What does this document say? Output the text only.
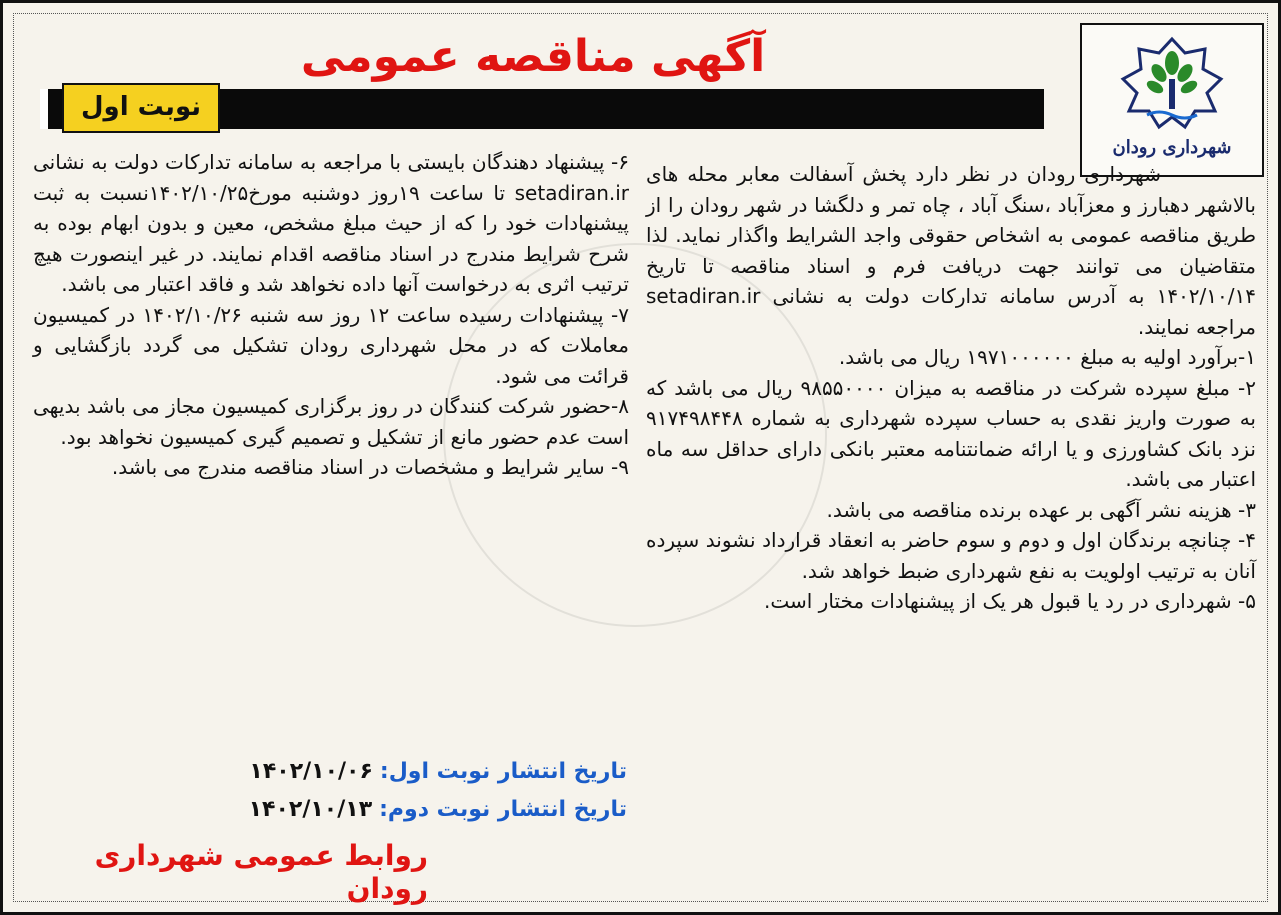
شهرداری رودان
آگهی مناقصه عمومی
نوبت اول

شهرداری رودان در نظر دارد پخش آسفالت معابر محله های بالاشهر دهبارز و معزآباد ،سنگ آباد ، چاه تمر و دلگشا در شهر رودان را از طریق مناقصه عمومی به اشخاص حقوقی واجد الشرایط واگذار نماید. لذا متقاضیان می توانند جهت دریافت فرم و اسناد مناقصه تا تاریخ ۱۴۰۲/۱۰/۱۴ به آدرس سامانه تدارکات دولت به نشانی setadiran.ir مراجعه نمایند.

۱-برآورد اولیه به مبلغ ۱۹۷۱۰۰۰۰۰۰ ریال می باشد.

۲- مبلغ سپرده شرکت در مناقصه به میزان ۹۸۵۵۰۰۰۰ ریال می باشد که به صورت واریز نقدی به حساب سپرده شهرداری به شماره ۹۱۷۴۹۸۴۴۸ نزد بانک کشاورزی و یا ارائه ضمانتنامه معتبر بانکی دارای حداقل سه ماه اعتبار می باشد.

۳- هزینه نشر آگهی بر عهده برنده مناقصه می باشد.

۴- چنانچه برندگان اول و دوم و سوم حاضر به انعقاد قرارداد نشوند سپرده آنان به ترتیب اولویت به نفع شهرداری ضبط خواهد شد.

۵- شهرداری در رد یا قبول هر یک از پیشنهادات مختار است.

۶- پیشنهاد دهندگان بایستی با مراجعه به سامانه تدارکات دولت به نشانی setadiran.ir تا ساعت ۱۹روز دوشنبه مورخ۱۴۰۲/۱۰/۲۵نسبت به ثبت پیشنهادات خود را که از حیث مبلغ مشخص، معین و بدون ابهام بوده به شرح شرایط مندرج در اسناد مناقصه اقدام نمایند. در غیر اینصورت هیچ ترتیب اثری به درخواست آنها داده نخواهد شد و فاقد اعتبار می باشد.

۷- پیشنهادات رسیده ساعت ۱۲ روز سه شنبه ۱۴۰۲/۱۰/۲۶ در کمیسیون معاملات که در محل شهرداری رودان تشکیل می گردد بازگشایی و قرائت می شود.

۸-حضور شرکت کنندگان در روز برگزاری کمیسیون مجاز می باشد بدیهی است عدم حضور مانع از تشکیل و تصمیم گیری کمیسیون نخواهد بود.

۹- سایر شرایط و مشخصات در اسناد مناقصه مندرج می باشد.

تاریخ انتشار نوبت اول: ۱۴۰۲/۱۰/۰۶
تاریخ انتشار نوبت دوم: ۱۴۰۲/۱۰/۱۳
روابط عمومی شهرداری رودان
